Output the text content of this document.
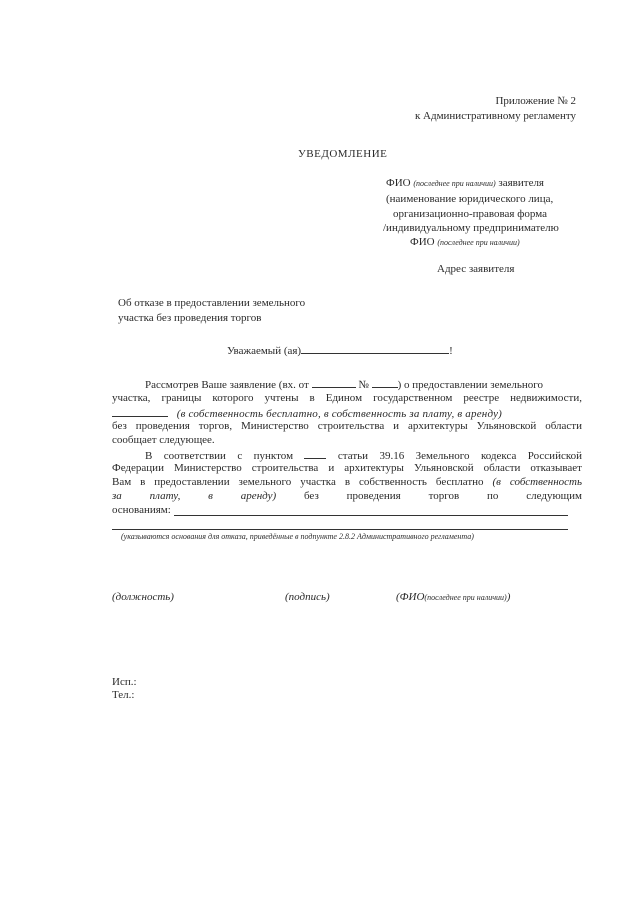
Приложение № 2
к Административному регламенту
УВЕДОМЛЕНИЕ
ФИО (последнее при наличии) заявителя
(наименование юридического лица,
организационно-правовая форма
/индивидуальному предпринимателю
ФИО (последнее при наличии)
Адрес заявителя
Об отказе в предоставлении земельного
участка без проведения торгов
Уважаемый (ая)	!
Рассмотрев Ваше заявление (вх. от	№	) о предоставлении земельного
участка, границы которого учтены в Едином государственном реестре недвижимости,
(в собственность бесплатно, в собственность за плату, в аренду)
без проведения торгов, Министерство строительства и архитектуры Ульяновской области
сообщает следующее.
В соответствии с пунктом	статьи 39.16 Земельного кодекса Российской
Федерации Министерство строительства и архитектуры Ульяновской области отказывает
Вам в предоставлении земельного участка в собственность бесплатно (в собственность
за плату, в аренду)	без проведения торгов по следующим
основаниям:
(указываются основания для отказа, приведённые в подпункте 2.8.2 Административного регламента)
(должность)	(подпись)	(ФИО(последнее при наличии))
Исп.:
Тел.:
